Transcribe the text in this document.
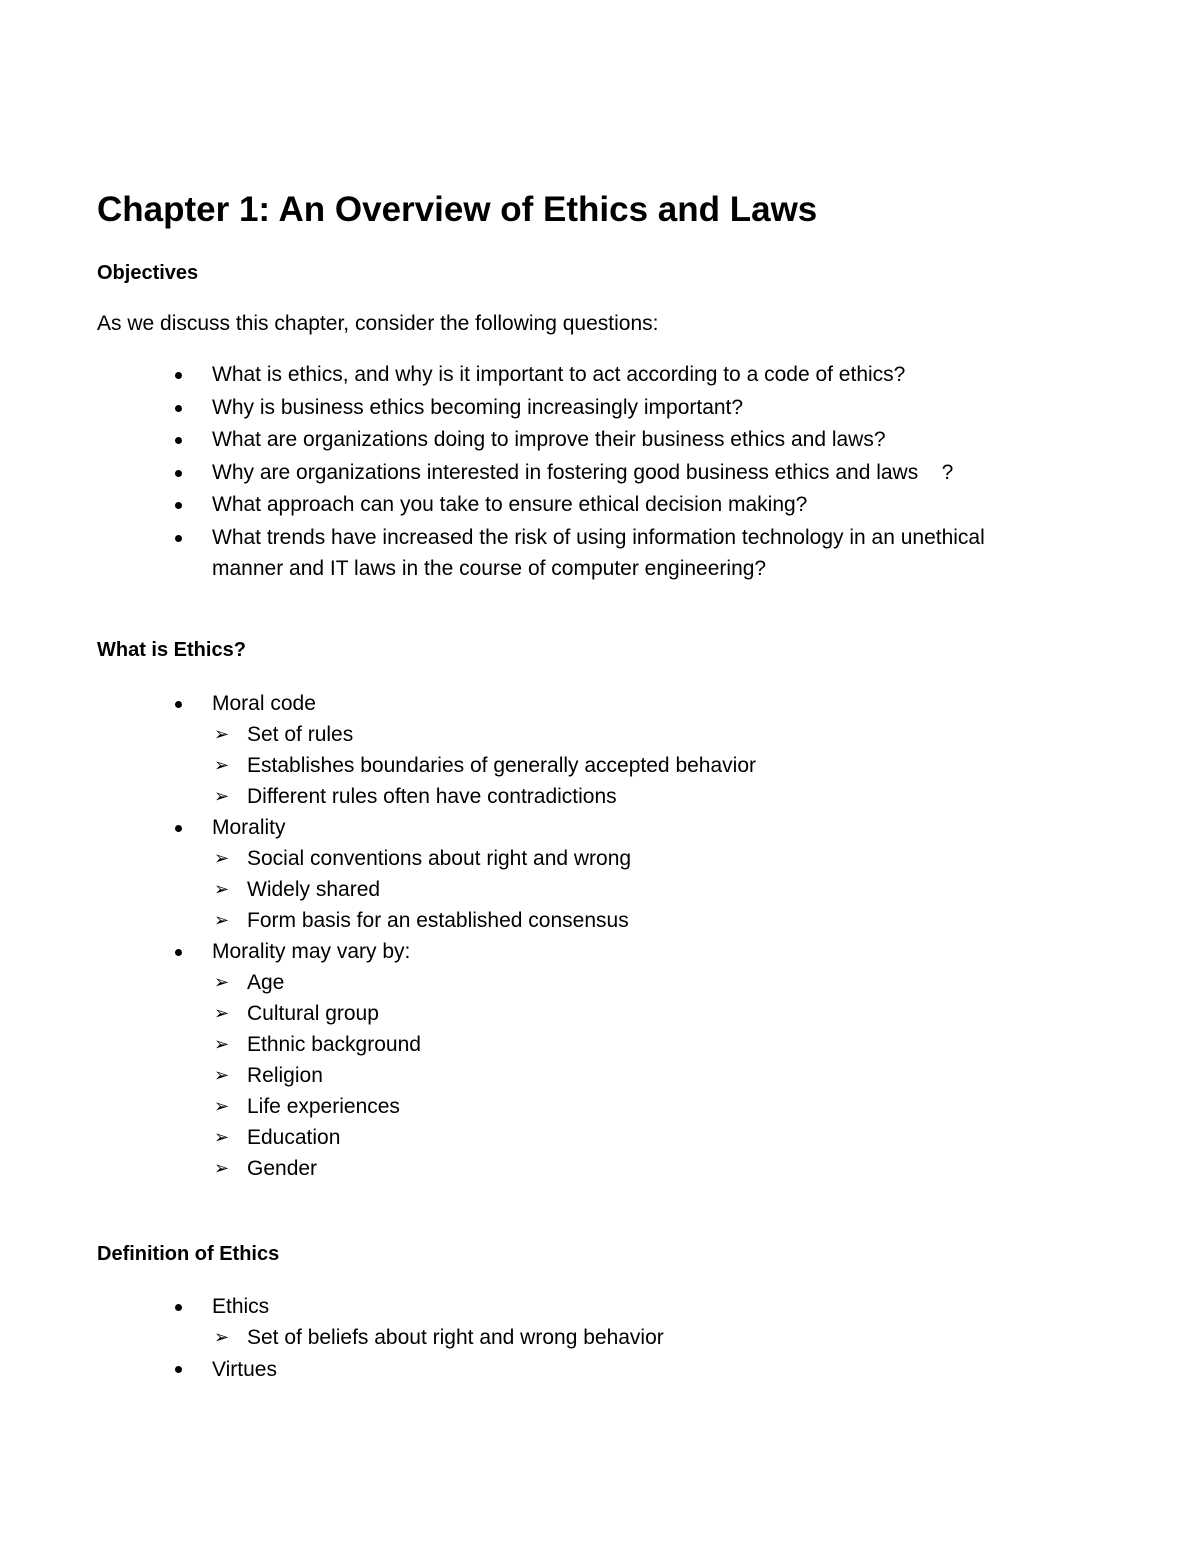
Chapter 1: An Overview of Ethics and Laws
Objectives

As we discuss this chapter, consider the following questions:

What is ethics, and why is it important to act according to a code of ethics?
Why is business ethics becoming increasingly important?
What are organizations doing to improve their business ethics and laws?
Why are organizations interested in fostering good business ethics and laws    ?
What approach can you take to ensure ethical decision making?
What trends have increased the risk of using information technology in an unethical manner and IT laws in the course of computer engineering?
What is Ethics?
Moral code
➢ Set of rules
➢ Establishes boundaries of generally accepted behavior
➢ Different rules often have contradictions
Morality
➢ Social conventions about right and wrong
➢ Widely shared
➢ Form basis for an established consensus
Morality may vary by:
➢ Age
➢ Cultural group
➢ Ethnic background
➢ Religion
➢ Life experiences
➢ Education
➢ Gender
Definition of Ethics
Ethics
➢ Set of beliefs about right and wrong behavior
Virtues
